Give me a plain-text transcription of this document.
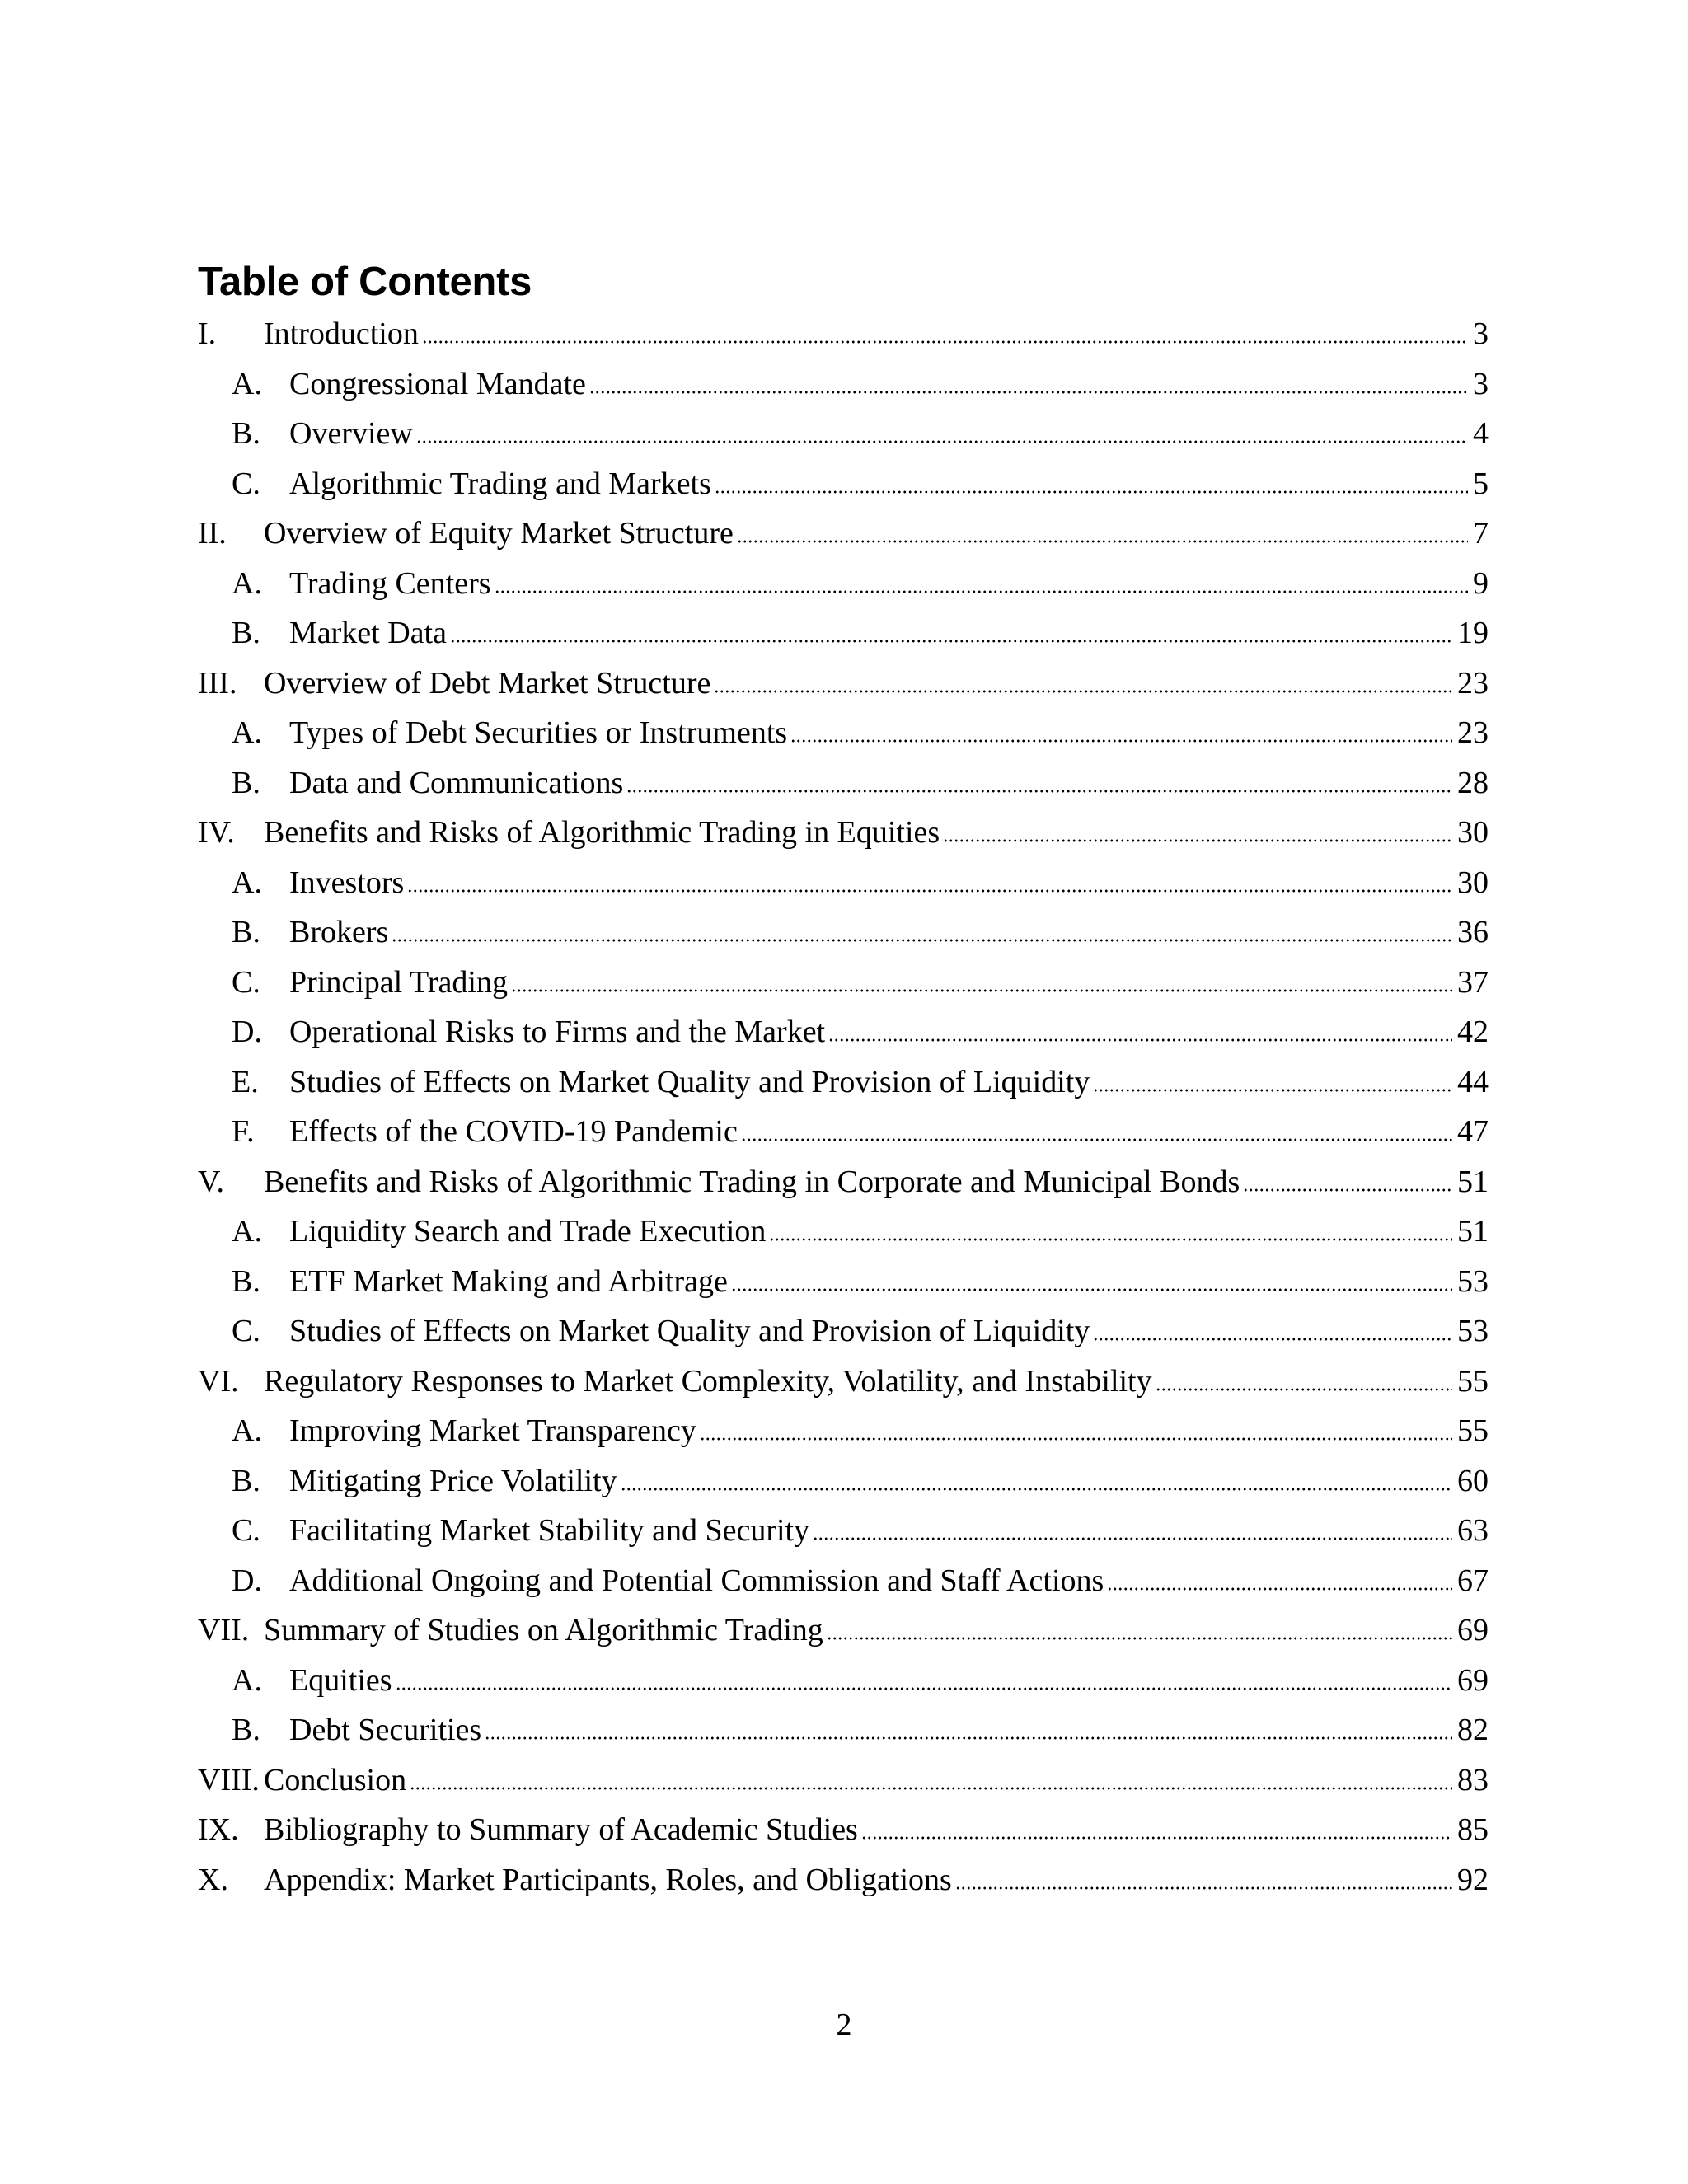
Table of Contents
I.	Introduction	3
A. Congressional Mandate	3
B. Overview	4
C. Algorithmic Trading and Markets	5
II.	Overview of Equity Market Structure	7
A. Trading Centers	9
B. Market Data	19
III. Overview of Debt Market Structure	23
A. Types of Debt Securities or Instruments	23
B. Data and Communications	28
IV. Benefits and Risks of Algorithmic Trading in Equities	30
A. Investors	30
B. Brokers	36
C. Principal Trading	37
D. Operational Risks to Firms and the Market	42
E. Studies of Effects on Market Quality and Provision of Liquidity	44
F.	Effects of the COVID-19 Pandemic	47
V.	Benefits and Risks of Algorithmic Trading in Corporate and Municipal Bonds	51
A. Liquidity Search and Trade Execution	51
B. ETF Market Making and Arbitrage	53
C. Studies of Effects on Market Quality and Provision of Liquidity	53
VI. Regulatory Responses to Market Complexity, Volatility, and Instability	55
A. Improving Market Transparency	55
B. Mitigating Price Volatility	60
C. Facilitating Market Stability and Security	63
D. Additional Ongoing and Potential Commission and Staff Actions	67
VII. Summary of Studies on Algorithmic Trading	69
A. Equities	69
B. Debt Securities	82
VIII. Conclusion	83
IX. Bibliography to Summary of Academic Studies	85
X.	Appendix: Market Participants, Roles, and Obligations	92
2
